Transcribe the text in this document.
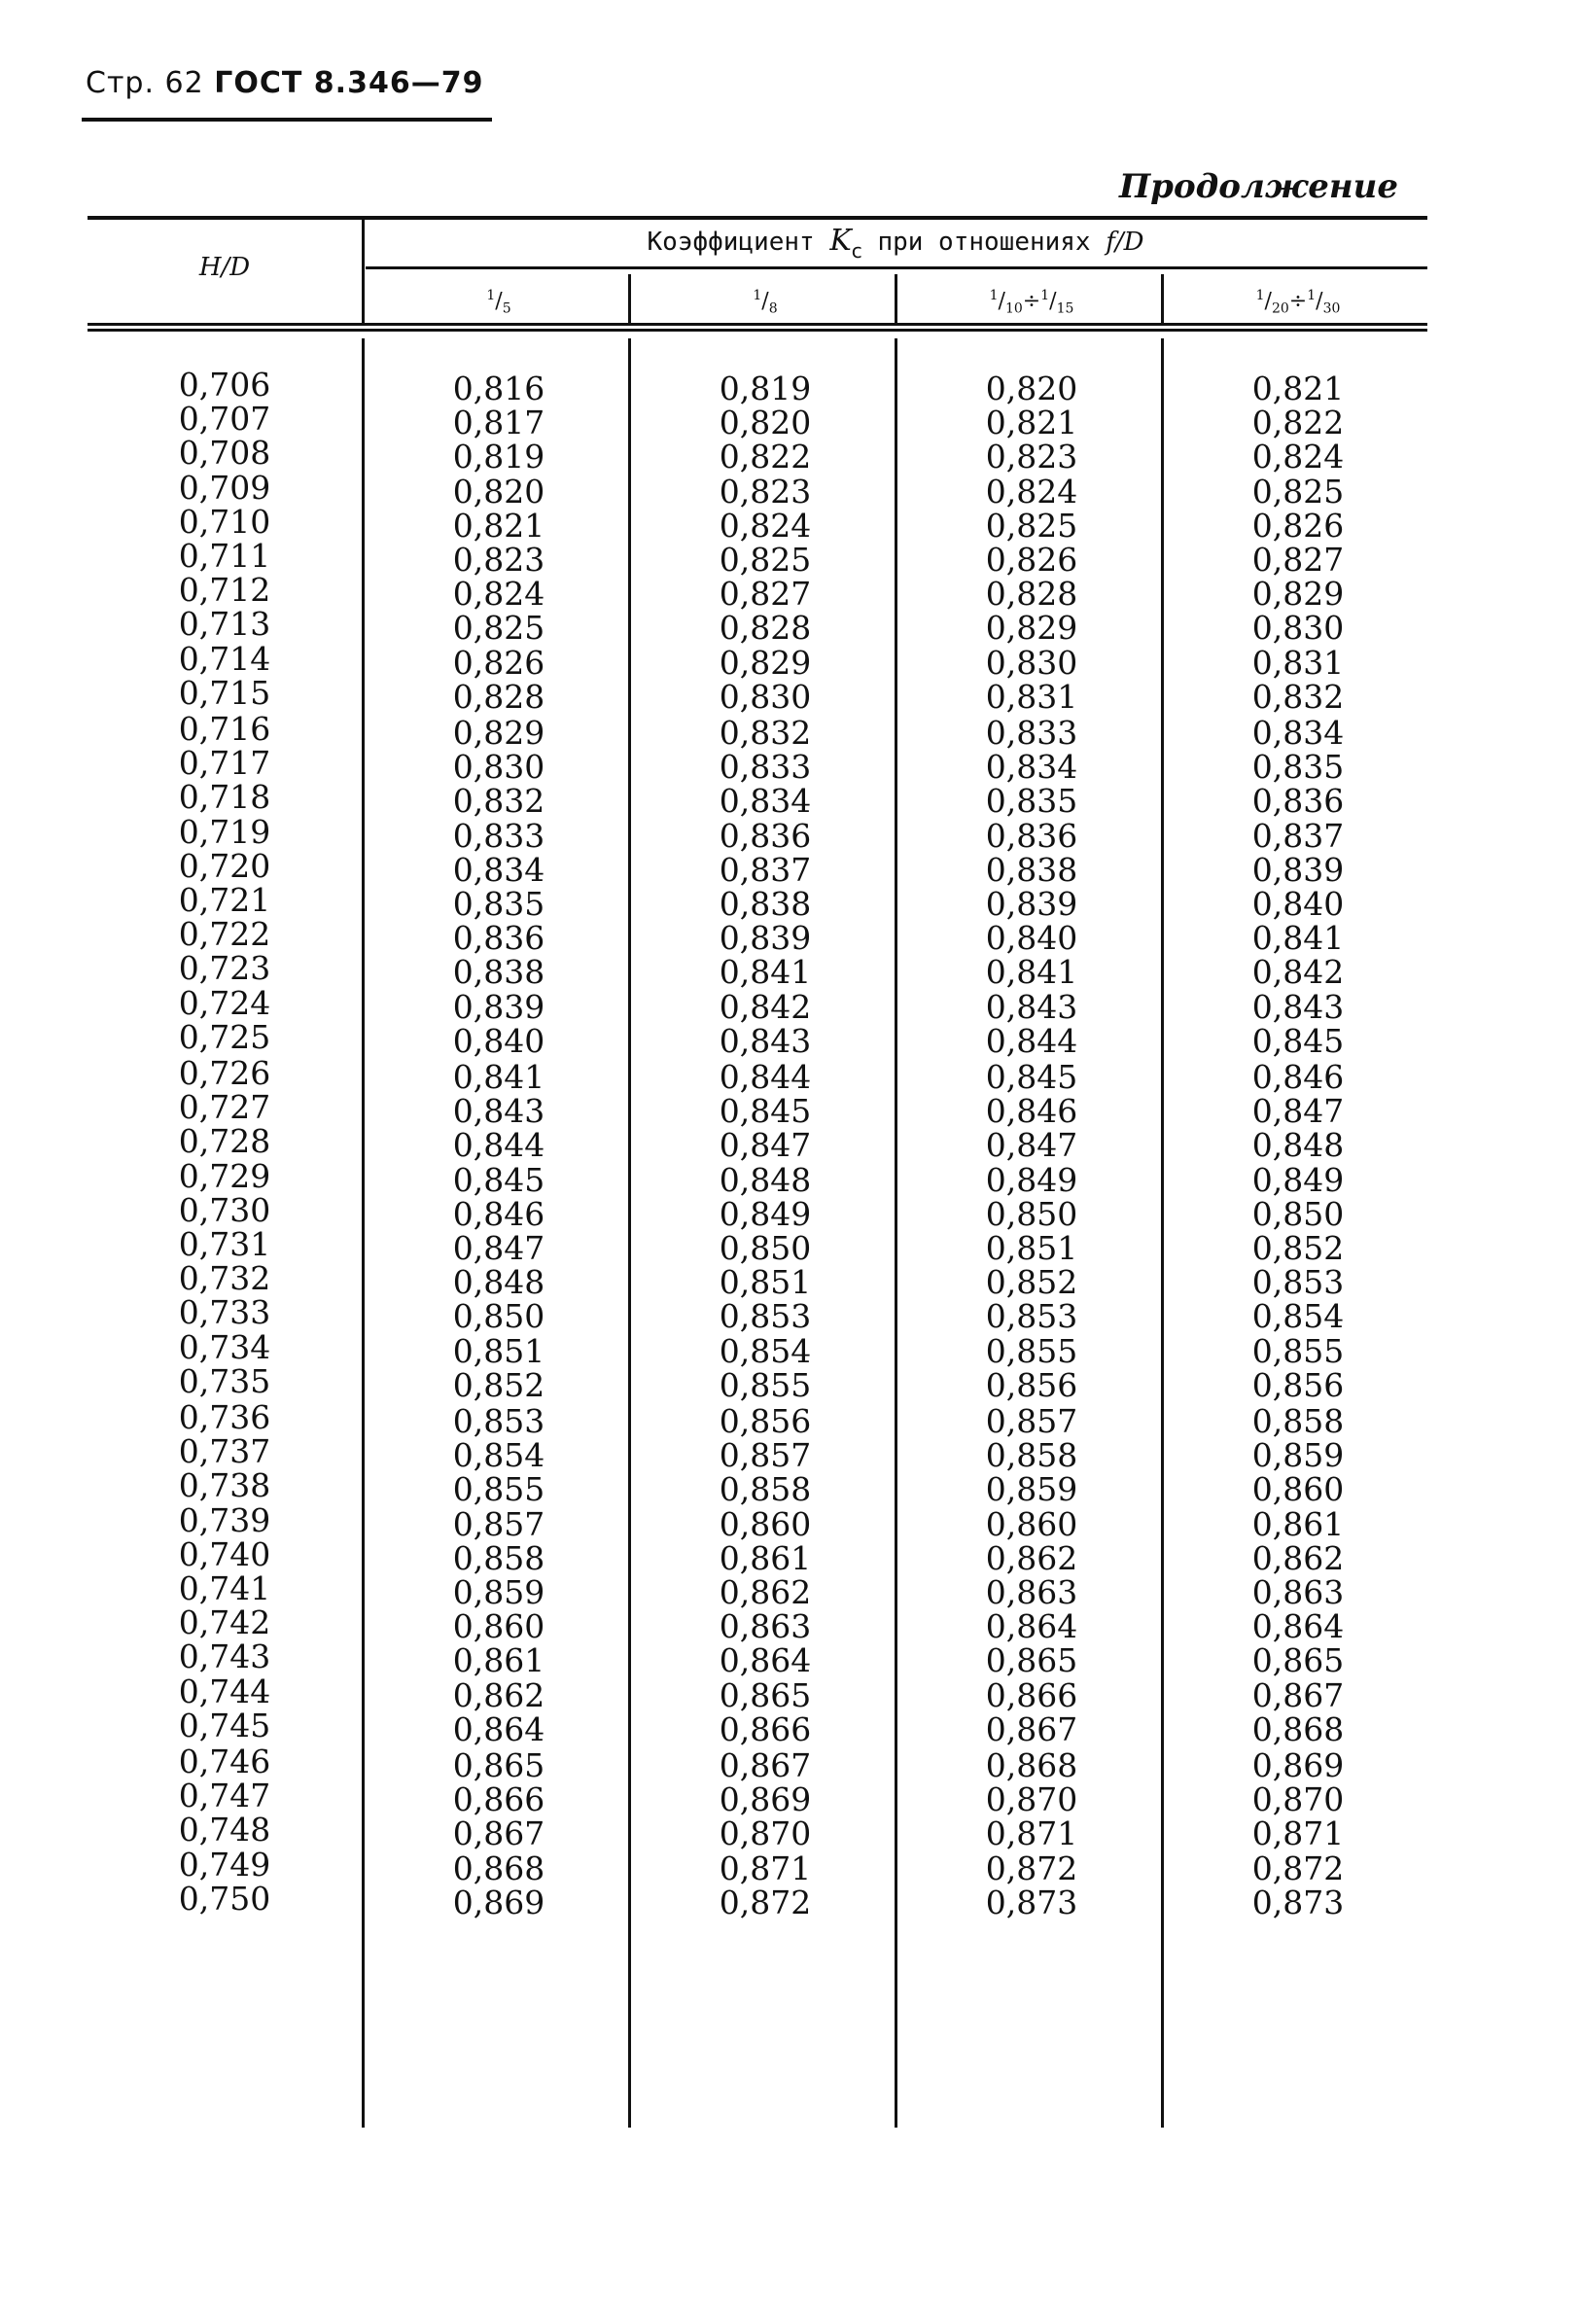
Стр. 62 ГОСТ 8.346—79
Продолжение
H/D
Коэффициент $K_c$ при отношениях f/D
$^1/_5$
$^1/_8$
$^1/_{10}\div^1/_{15}$
$^1/_{20}\div^1/_{30}$
0,706	0,816	0,819	0,820	0,821
0,707	0,817	0,820	0,821	0,822
0,708	0,819	0,822	0,823	0,824
0,709	0,820	0,823	0,824	0,825
0,710	0,821	0,824	0,825	0,826
0,711	0,823	0,825	0,826	0,827
0,712	0,824	0,827	0,828	0,829
0,713	0,825	0,828	0,829	0,830
0,714	0,826	0,829	0,830	0,831
0,715	0,828	0,830	0,831	0,832
0,716	0,829	0,832	0,833	0,834
0,717	0,830	0,833	0,834	0,835
0,718	0,832	0,834	0,835	0,836
0,719	0,833	0,836	0,836	0,837
0,720	0,834	0,837	0,838	0,839
0,721	0,835	0,838	0,839	0,840
0,722	0,836	0,839	0,840	0,841
0,723	0,838	0,841	0,841	0,842
0,724	0,839	0,842	0,843	0,843
0,725	0,840	0,843	0,844	0,845
0,726	0,841	0,844	0,845	0,846
0,727	0,843	0,845	0,846	0,847
0,728	0,844	0,847	0,847	0,848
0,729	0,845	0,848	0,849	0,849
0,730	0,846	0,849	0,850	0,850
0,731	0,847	0,850	0,851	0,852
0,732	0,848	0,851	0,852	0,853
0,733	0,850	0,853	0,853	0,854
0,734	0,851	0,854	0,855	0,855
0,735	0,852	0,855	0,856	0,856
0,736	0,853	0,856	0,857	0,858
0,737	0,854	0,857	0,858	0,859
0,738	0,855	0,858	0,859	0,860
0,739	0,857	0,860	0,860	0,861
0,740	0,858	0,861	0,862	0,862
0,741	0,859	0,862	0,863	0,863
0,742	0,860	0,863	0,864	0,864
0,743	0,861	0,864	0,865	0,865
0,744	0,862	0,865	0,866	0,867
0,745	0,864	0,866	0,867	0,868
0,746	0,865	0,867	0,868	0,869
0,747	0,866	0,869	0,870	0,870
0,748	0,867	0,870	0,871	0,871
0,749	0,868	0,871	0,872	0,872
0,750	0,869	0,872	0,873	0,873
